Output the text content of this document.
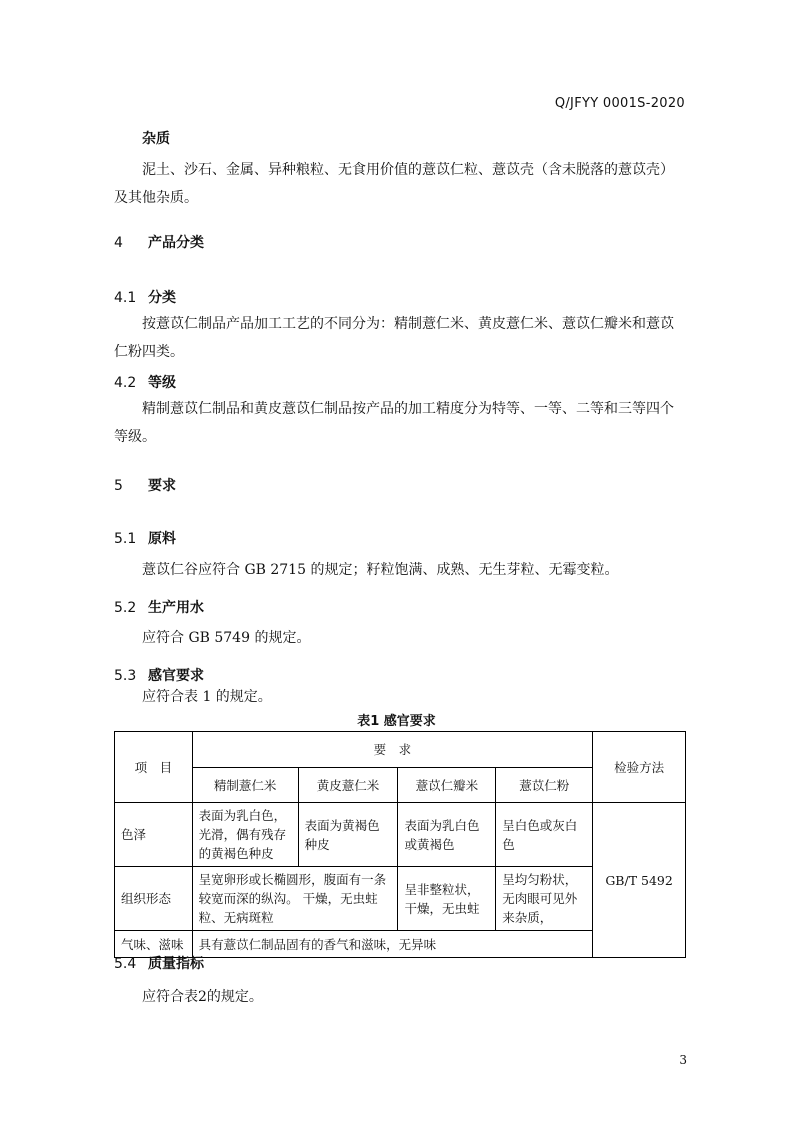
Q/JFYY 0001S-2020
杂质
泥土、沙石、金属、异种粮粒、无食用价值的薏苡仁粒、薏苡壳（含未脱落的薏苡壳）及其他杂质。
4 产品分类
4.1 分类
按薏苡仁制品产品加工工艺的不同分为：精制薏仁米、黄皮薏仁米、薏苡仁瓣米和薏苡仁粉四类。
4.2 等级
精制薏苡仁制品和黄皮薏苡仁制品按产品的加工精度分为特等、一等、二等和三等四个等级。
5 要求
5.1 原料
薏苡仁谷应符合 GB 2715 的规定；籽粒饱满、成熟、无生芽粒、无霉变粒。
5.2 生产用水
应符合 GB 5749 的规定。
5.3 感官要求
应符合表 1 的规定。
表1 感官要求
项　目	要　求				检验方法
	精制薏仁米	黄皮薏仁米	薏苡仁瓣米	薏苡仁粉	
色泽	表面为乳白色，光滑，偶有残存的黄褐色种皮	表面为黄褐色种皮	表面为乳白色或黄褐色	呈白色或灰白色	GB/T 5492
组织形态	呈宽卵形或长椭圆形，腹面有一条较宽而深的纵沟。 干燥，无虫蛀粒、无病斑粒		呈非整粒状，干燥，无虫蛀	呈均匀粉状，无肉眼可见外来杂质，	
气味、滋味	具有薏苡仁制品固有的香气和滋味，无异味				
5.4 质量指标
应符合表2的规定。
3
